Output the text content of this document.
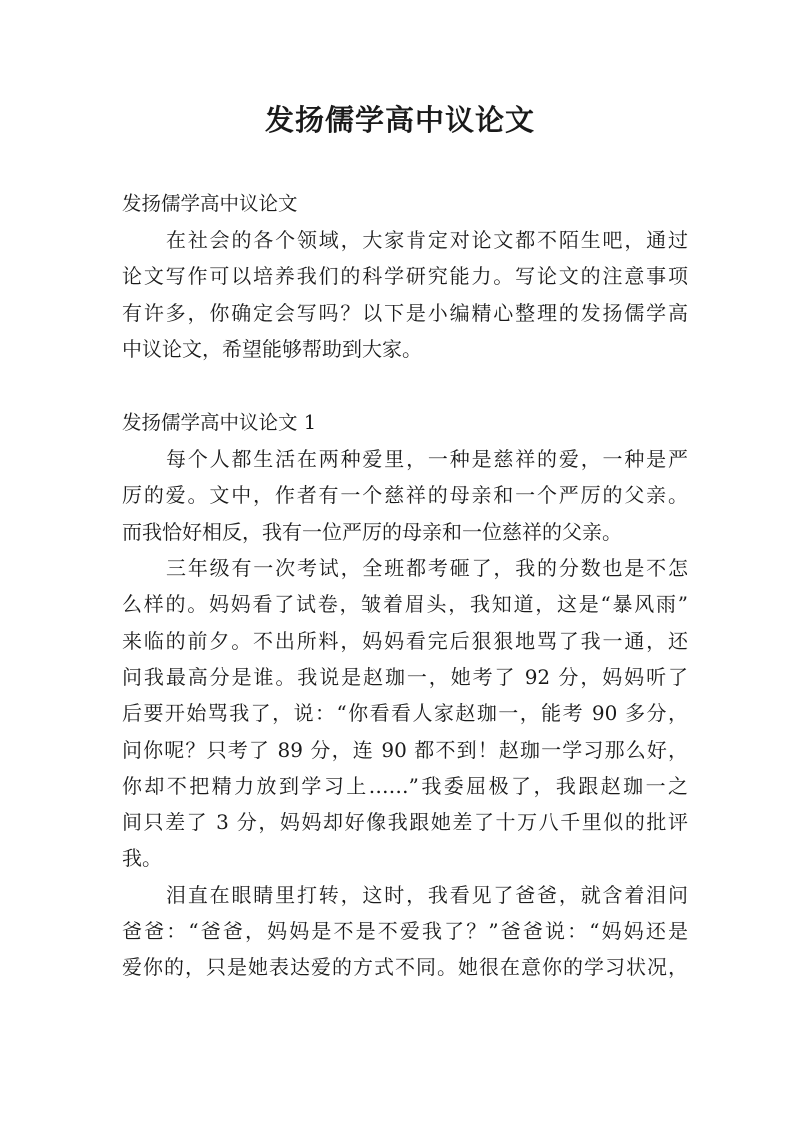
发扬儒学高中议论文

发扬儒学高中议论文

在社会的各个领域，大家肯定对论文都不陌生吧，通过

论文写作可以培养我们的科学研究能力。写论文的注意事项

有许多，你确定会写吗？以下是小编精心整理的发扬儒学高

中议论文，希望能够帮助到大家。

发扬儒学高中议论文 1

每个人都生活在两种爱里，一种是慈祥的爱，一种是严

厉的爱。文中，作者有一个慈祥的母亲和一个严厉的父亲。

而我恰好相反，我有一位严厉的母亲和一位慈祥的父亲。

三年级有一次考试，全班都考砸了，我的分数也是不怎

么样的。妈妈看了试卷，皱着眉头，我知道，这是“暴风雨”

来临的前夕。不出所料，妈妈看完后狠狠地骂了我一通，还

问我最高分是谁。我说是赵珈一，她考了 92 分，妈妈听了

后要开始骂我了，说：“你看看人家赵珈一，能考 90 多分，

问你呢？只考了 89 分，连 90 都不到！赵珈一学习那么好，

你却不把精力放到学习上……”我委屈极了，我跟赵珈一之

间只差了 3 分，妈妈却好像我跟她差了十万八千里似的批评

我。

泪直在眼睛里打转，这时，我看见了爸爸，就含着泪问

爸爸：“爸爸，妈妈是不是不爱我了？”爸爸说：“妈妈还是

爱你的，只是她表达爱的方式不同。她很在意你的学习状况，
